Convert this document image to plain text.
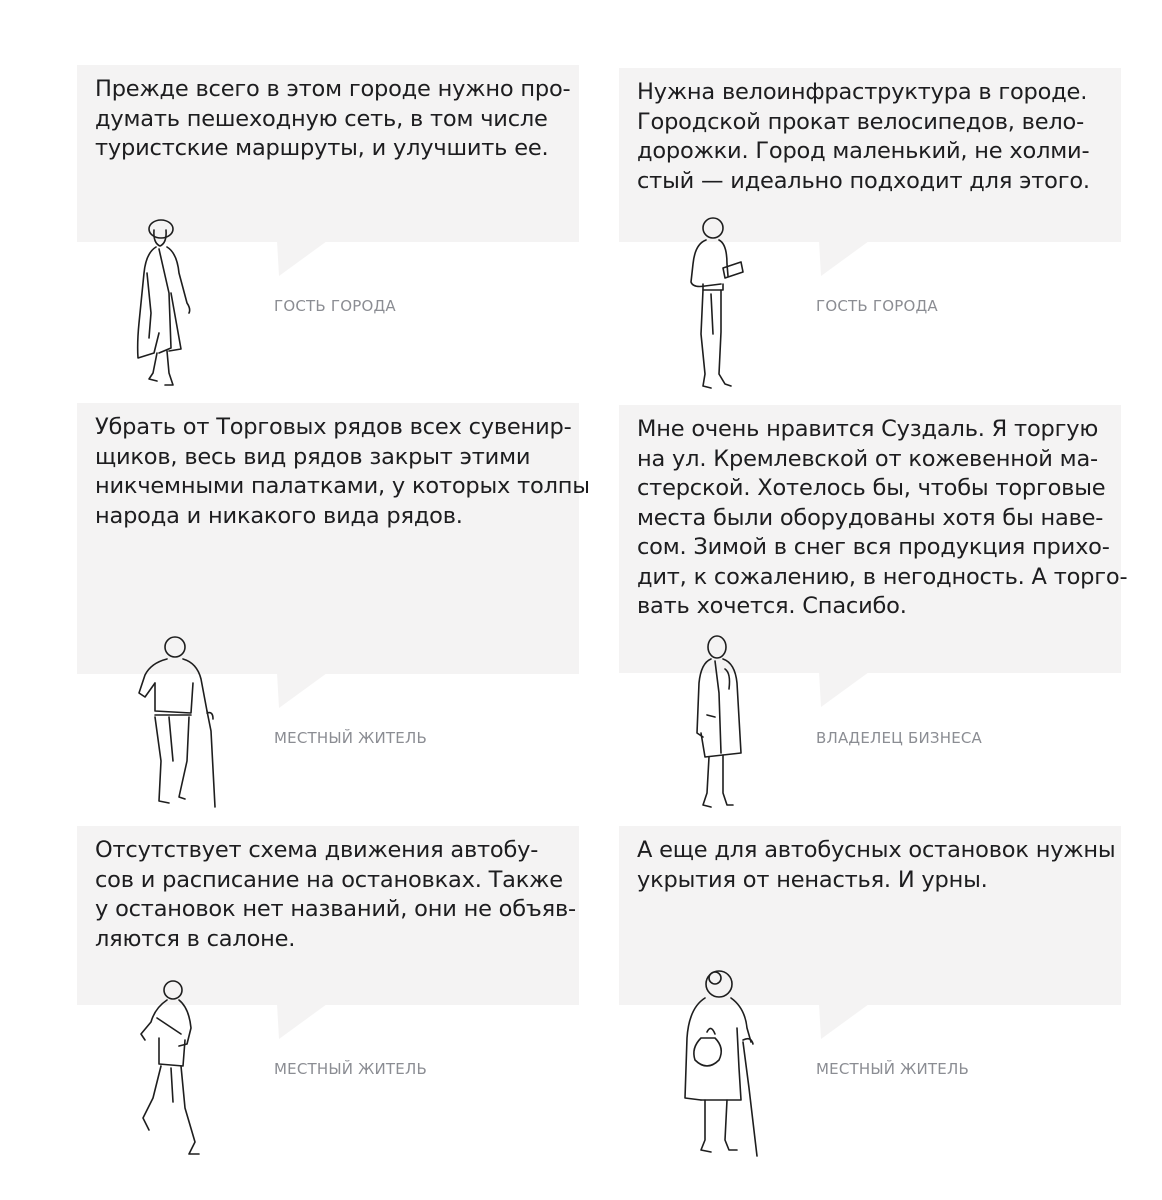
Прежде всего в этом городе нужно про-
думать пешеходную сеть, в том числе
туристские маршруты, и улучшить ее.

ГОСТЬ ГОРОДА

Нужна велоинфраструктура в городе.
Городской прокат велосипедов, вело-
дорожки. Город маленький, не холми-
стый — идеально подходит для этого.

ГОСТЬ ГОРОДА

Убрать от Торговых рядов всех сувенир-
щиков, весь вид рядов закрыт этими
никчемными палатками, у которых толпы
народа и никакого вида рядов.

МЕСТНЫЙ ЖИТЕЛЬ

Мне очень нравится Суздаль. Я торгую
на ул. Кремлевской от кожевенной ма-
стерской. Хотелось бы, чтобы торговые
места были оборудованы хотя бы наве-
сом. Зимой в снег вся продукция прихо-
дит, к сожалению, в негодность. А торго-
вать хочется. Спасибо.

ВЛАДЕЛЕЦ БИЗНЕСА

Отсутствует схема движения автобу-
сов и расписание на остановках. Также
у остановок нет названий, они не объяв-
ляются в салоне.

МЕСТНЫЙ ЖИТЕЛЬ

А еще для автобусных остановок нужны
укрытия от ненастья. И урны.

МЕСТНЫЙ ЖИТЕЛЬ
